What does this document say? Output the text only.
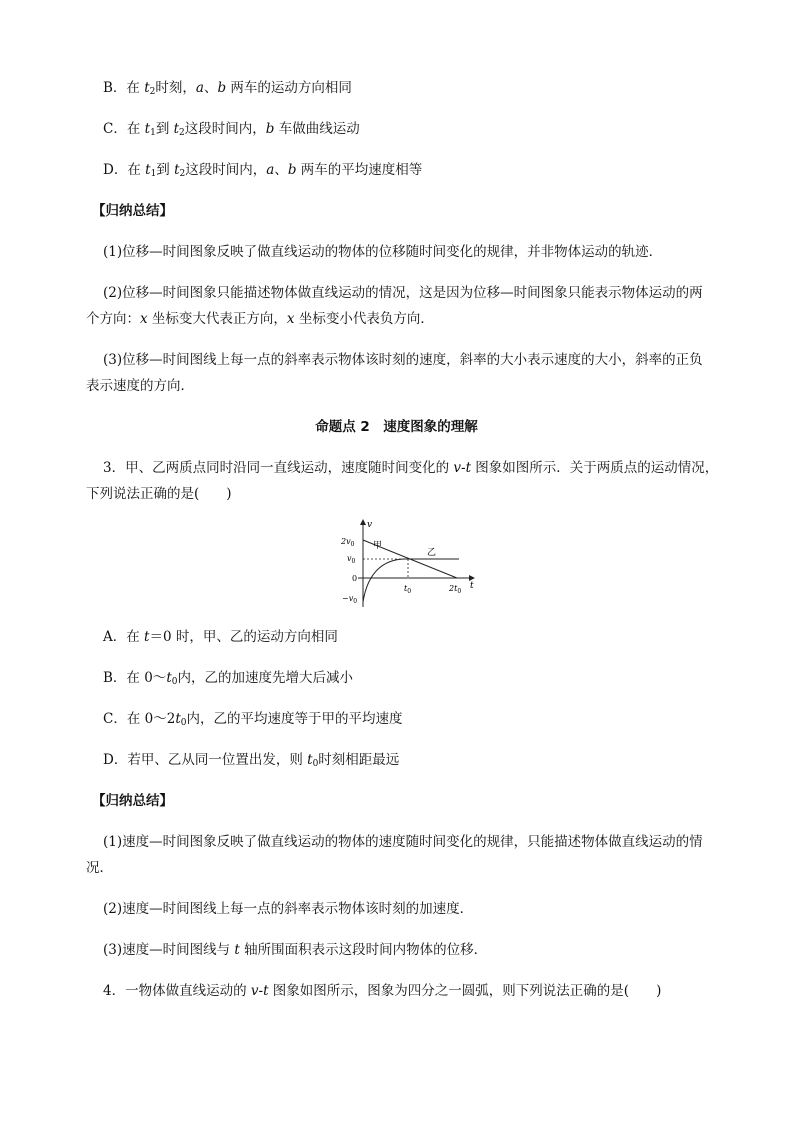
B．在 $t_2$时刻，a、b 两车的运动方向相同
C．在 $t_1$到 $t_2$这段时间内，b 车做曲线运动
D．在 $t_1$到 $t_2$这段时间内，a、b 两车的平均速度相等
【归纳总结】
(1)位移—时间图象反映了做直线运动的物体的位移随时间变化的规律，并非物体运动的轨迹．
(2)位移—时间图象只能描述物体做直线运动的情况，这是因为位移—时间图象只能表示物体运动的两
个方向：x 坐标变大代表正方向，x 坐标变小代表负方向．
(3)位移—时间图线上每一点的斜率表示物体该时刻的速度，斜率的大小表示速度的大小，斜率的正负
表示速度的方向．
命题点 2　速度图象的理解
3．甲、乙两质点同时沿同一直线运动，速度随时间变化的 v-t 图象如图所示．关于两质点的运动情况，
下列说法正确的是(　　)
v
t
$2v_0$
$v_0$
0
$-v_0$
$t_0$	$2t_0$
甲
乙
A．在 t＝0 时，甲、乙的运动方向相同
B．在 $0\sim t_0$内，乙的加速度先增大后减小
C．在 $0\sim 2t_0$内，乙的平均速度等于甲的平均速度
D．若甲、乙从同一位置出发，则 $t_0$时刻相距最远
【归纳总结】
(1)速度—时间图象反映了做直线运动的物体的速度随时间变化的规律，只能描述物体做直线运动的情
况．
(2)速度—时间图线上每一点的斜率表示物体该时刻的加速度．
(3)速度—时间图线与 t 轴所围面积表示这段时间内物体的位移．
4．一物体做直线运动的 v-t 图象如图所示，图象为四分之一圆弧，则下列说法正确的是(　　)
